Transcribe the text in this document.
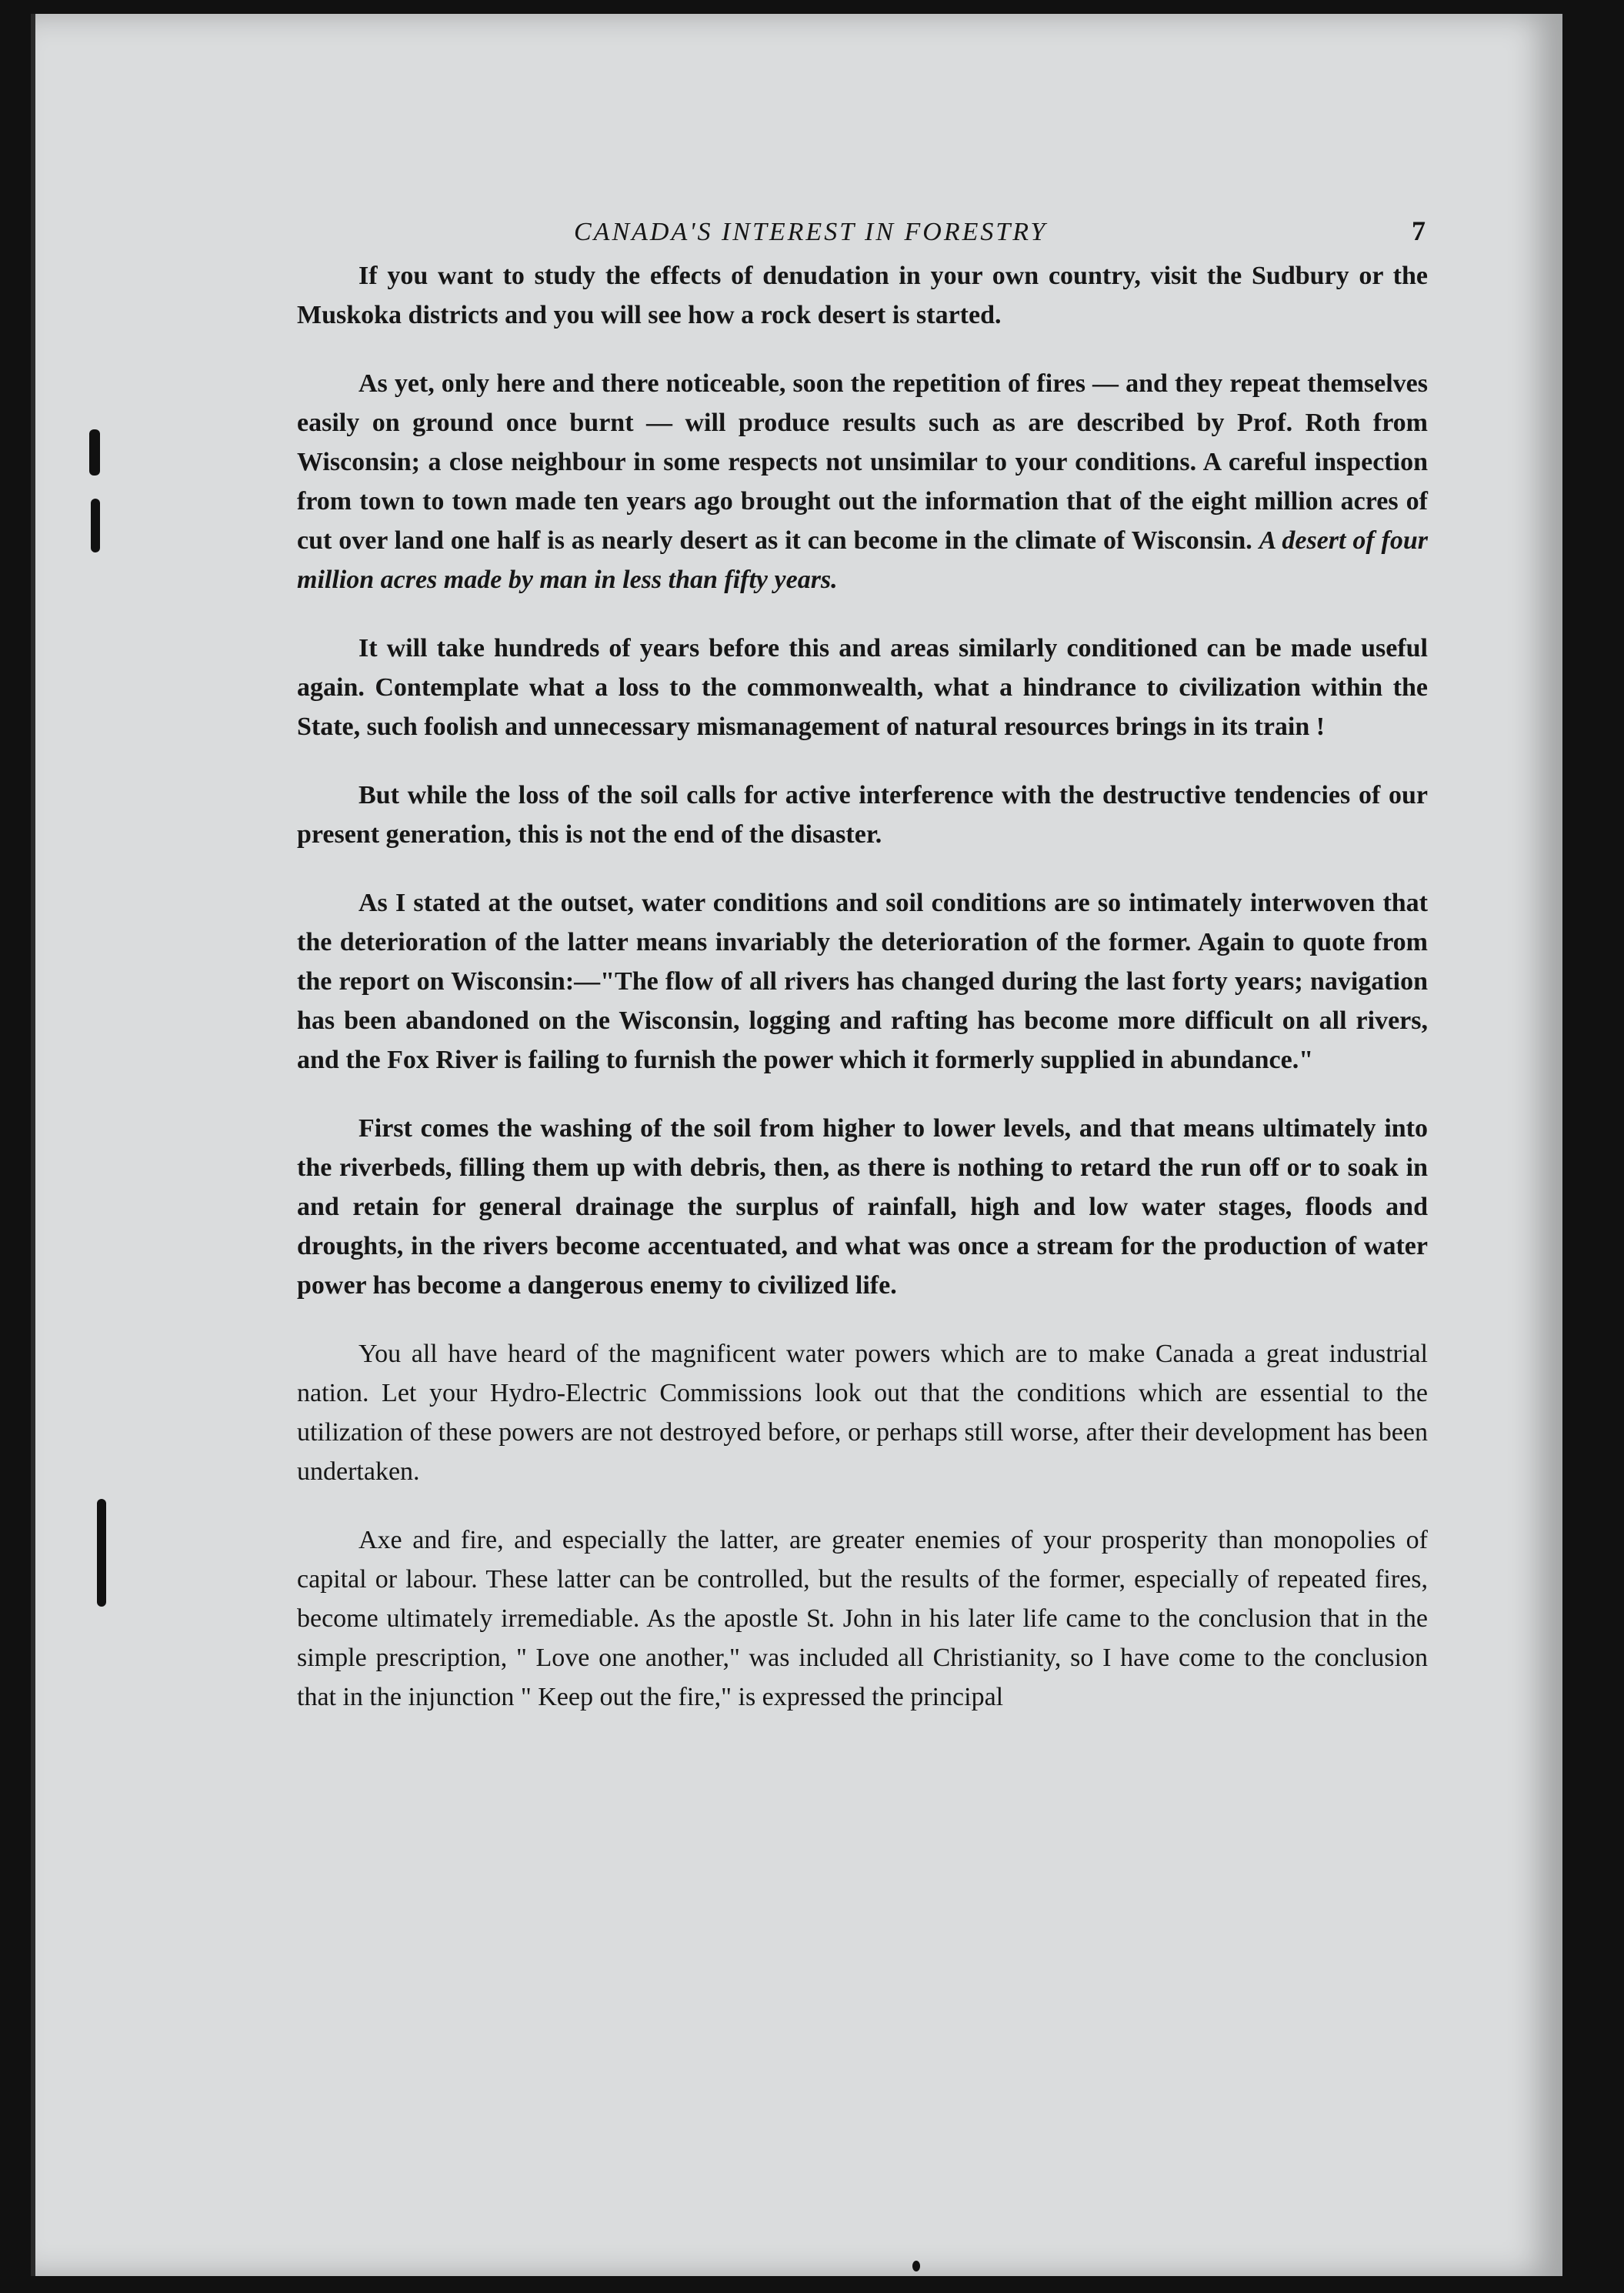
CANADA'S INTEREST IN FORESTRY	7

If you want to study the effects of denudation in your own country, visit the Sudbury or the Muskoka districts and you will see how a rock desert is started.

As yet, only here and there noticeable, soon the repetition of fires — and they repeat themselves easily on ground once burnt — will produce results such as are described by Prof. Roth from Wisconsin; a close neighbour in some respects not unsimilar to your conditions. A careful inspection from town to town made ten years ago brought out the information that of the eight million acres of cut over land one half is as nearly desert as it can become in the climate of Wisconsin. A desert of four million acres made by man in less than fifty years.

It will take hundreds of years before this and areas similarly conditioned can be made useful again. Contemplate what a loss to the commonwealth, what a hindrance to civilization within the State, such foolish and unnecessary mismanagement of natural resources brings in its train !

But while the loss of the soil calls for active interference with the destructive tendencies of our present generation, this is not the end of the disaster.

As I stated at the outset, water conditions and soil conditions are so intimately interwoven that the deterioration of the latter means invariably the deterioration of the former. Again to quote from the report on Wisconsin:—"The flow of all rivers has changed during the last forty years; navigation has been abandoned on the Wisconsin, logging and rafting has become more difficult on all rivers, and the Fox River is failing to furnish the power which it formerly supplied in abundance."

First comes the washing of the soil from higher to lower levels, and that means ultimately into the riverbeds, filling them up with debris, then, as there is nothing to retard the run off or to soak in and retain for general drainage the surplus of rainfall, high and low water stages, floods and droughts, in the rivers become accentuated, and what was once a stream for the production of water power has become a dangerous enemy to civilized life.

You all have heard of the magnificent water powers which are to make Canada a great industrial nation. Let your Hydro-Electric Commissions look out that the conditions which are essential to the utilization of these powers are not destroyed before, or perhaps still worse, after their development has been undertaken.

Axe and fire, and especially the latter, are greater enemies of your prosperity than monopolies of capital or labour. These latter can be controlled, but the results of the former, especially of repeated fires, become ultimately irremediable. As the apostle St. John in his later life came to the conclusion that in the simple prescription, " Love one another," was included all Christianity, so I have come to the conclusion that in the injunction " Keep out the fire," is expressed the principal
